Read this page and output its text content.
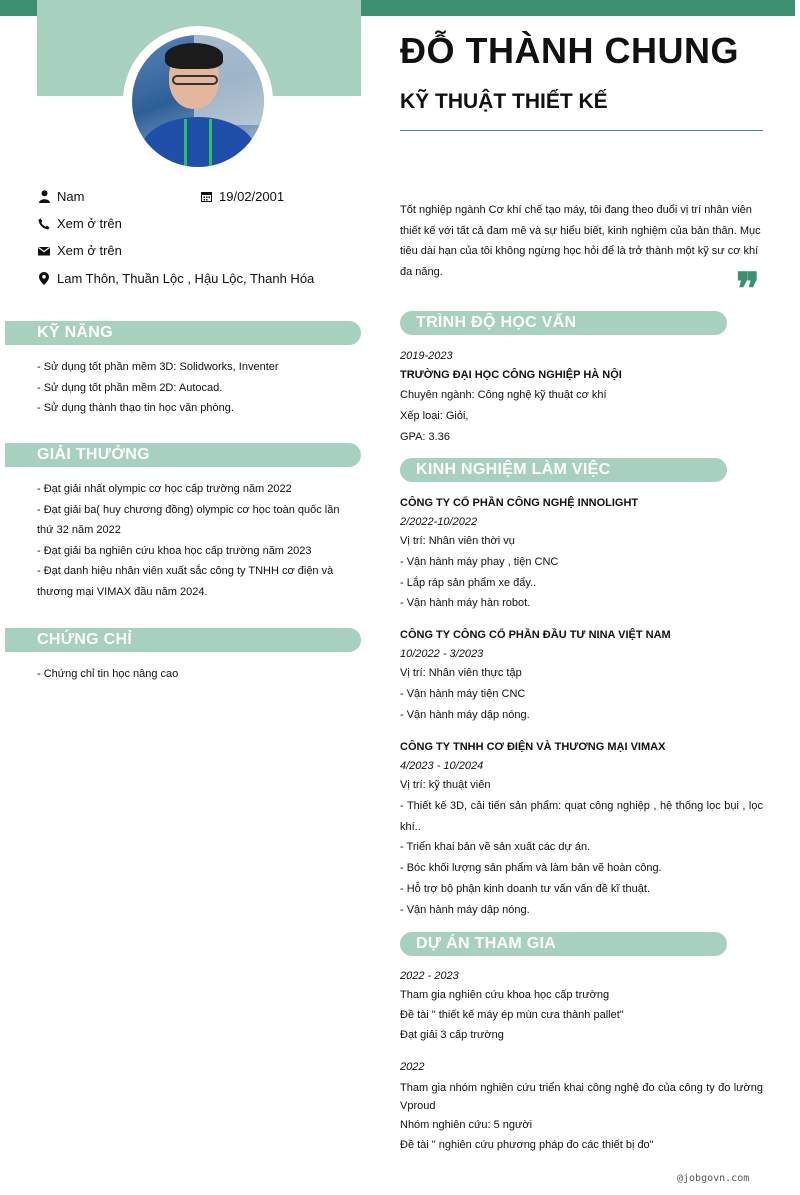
ĐỖ THÀNH CHUNG
KỸ THUẬT THIẾT KẾ
Nam	19/02/2001
Xem ở trên
Xem ở trên
Lam Thôn, Thuần Lộc , Hậu Lộc, Thanh Hóa
KỸ NĂNG
- Sử dụng tốt phần mềm 3D: Solidworks, Inventer
- Sử dụng tốt phần mềm 2D: Autocad.
- Sử dụng thành thạo tin học văn phòng.
GIẢI THƯỞNG
- Đạt giải nhất olympic cơ học cấp trường năm 2022
- Đạt giải ba( huy chương đồng) olympic cơ học toàn quốc lần thứ 32 năm 2022
- Đạt giải ba nghiên cứu khoa học cấp trường năm 2023
- Đạt danh hiệu nhân viên xuất sắc công ty TNHH cơ điện và thương mại VIMAX đầu năm 2024.
CHỨNG CHỈ
- Chứng chỉ tin học nâng cao

Tốt nghiệp ngành Cơ khí chế tạo máy, tôi đang theo đuổi vị trí nhân viên thiết kế với tất cả đam mê và sự hiểu biết, kinh nghiệm của bản thân. Mục tiêu dài hạn của tôi không ngừng học hỏi để là trở thành một kỹ sư cơ khí đa năng.	❞
TRÌNH ĐỘ HỌC VẤN
2019-2023
TRƯỜNG ĐẠI HỌC CÔNG NGHIỆP HÀ NỘI
Chuyên ngành: Công nghệ kỹ thuật cơ khí
Xếp loại: Giỏi,
GPA: 3.36
KINH NGHIỆM LÀM VIỆC
CÔNG TY CỔ PHẦN CÔNG NGHỆ INNOLIGHT
2/2022-10/2022
Vị trí: Nhân viên thời vụ
- Vận hành máy phay , tiện CNC
- Lắp ráp sản phẩm xe đẩy..
- Vận hành máy hàn robot.
CÔNG TY CÔNG CỔ PHẦN ĐẦU TƯ NINA VIỆT NAM
10/2022 - 3/2023
Vị trí: Nhân viên thực tập
- Vận hành máy tiện CNC
- Vận hành máy dập nóng.
CÔNG TY TNHH CƠ ĐIỆN VÀ THƯƠNG MẠI VIMAX
4/2023 - 10/2024
Vị trí: kỹ thuật viên
- Thiết kế 3D, cải tiến sản phẩm: quạt công nghiệp , hệ thống lọc bụi , lọc khí..
- Triển khai bản vẽ sản xuất các dự án.
- Bóc khối lượng sản phẩm và làm bản vẽ hoàn công.
- Hỗ trợ bộ phận kinh doanh tư vấn vấn đề kĩ thuật.
- Vận hành máy dập nóng.
DỰ ÁN THAM GIA
2022 - 2023
Tham gia nghiên cứu khoa học cấp trường
Đề tài " thiết kế máy ép mùn cưa thành pallet"
Đạt giải 3 cấp trường
2022
Tham gia nhóm nghiên cứu triển khai công nghệ đo của công ty đo lường Vproud
Nhóm nghiên cứu: 5 người
Đề tài " nghiên cứu phương pháp đo các thiết bị đo"
@jobgovn.com
